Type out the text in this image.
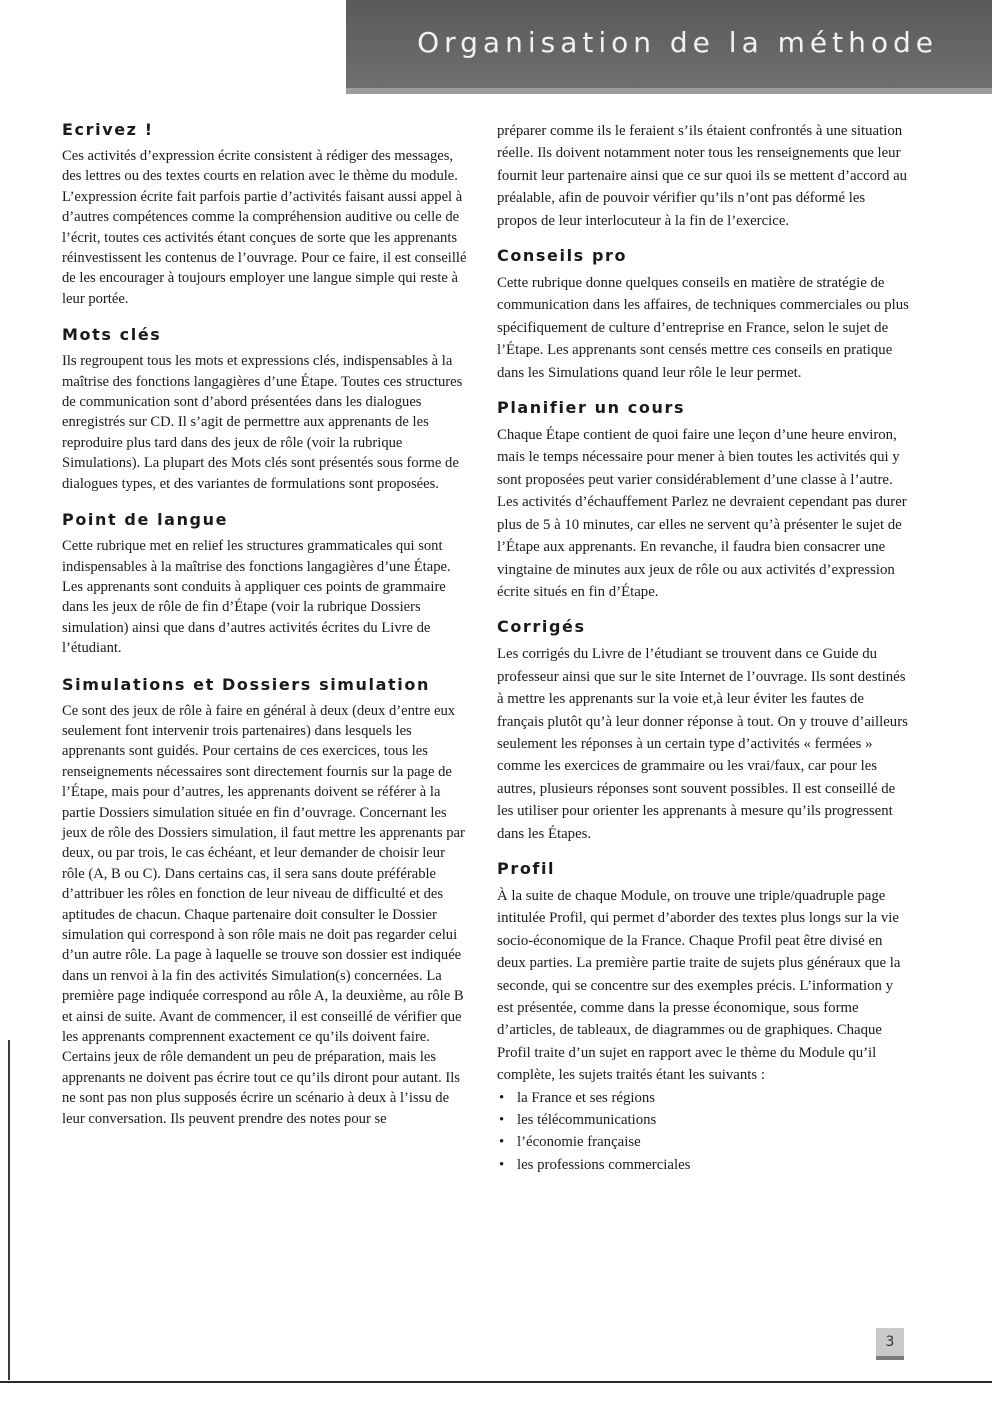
Organisation de la méthode
Ecrivez !

Ces activités d’expression écrite consistent à rédiger des messages, des lettres ou des textes courts en relation avec le thème du module. L’expression écrite fait parfois partie d’activités faisant aussi appel à d’autres compétences comme la compréhension auditive ou celle de l’écrit, toutes ces activités étant conçues de sorte que les apprenants réinvestissent les contenus de l’ouvrage. Pour ce faire, il est conseillé de les encourager à toujours employer une langue simple qui reste à leur portée.

Mots clés

Ils regroupent tous les mots et expressions clés, indispensables à la maîtrise des fonctions langagières d’une Étape. Toutes ces structures de communication sont d’abord présentées dans les dialogues enregistrés sur CD. Il s’agit de permettre aux apprenants de les reproduire plus tard dans des jeux de rôle (voir la rubrique Simulations). La plupart des Mots clés sont présentés sous forme de dialogues types, et des variantes de formulations sont proposées.

Point de langue

Cette rubrique met en relief les structures grammaticales qui sont indispensables à la maîtrise des fonctions langagières d’une Étape. Les apprenants sont conduits à appliquer ces points de grammaire dans les jeux de rôle de fin d’Étape (voir la rubrique Dossiers simulation) ainsi que dans d’autres activités écrites du Livre de l’étudiant.

Simulations et Dossiers simulation

Ce sont des jeux de rôle à faire en général à deux (deux d’entre eux seulement font intervenir trois partenaires) dans lesquels les apprenants sont guidés. Pour certains de ces exercices, tous les renseignements nécessaires sont directement fournis sur la page de l’Étape, mais pour d’autres, les apprenants doivent se référer à la partie Dossiers simulation située en fin d’ouvrage. Concernant les jeux de rôle des Dossiers simulation, il faut mettre les apprenants par deux, ou par trois, le cas échéant, et leur demander de choisir leur rôle (A, B ou C). Dans certains cas, il sera sans doute préférable d’attribuer les rôles en fonction de leur niveau de difficulté et des aptitudes de chacun. Chaque partenaire doit consulter le Dossier simulation qui correspond à son rôle mais ne doit pas regarder celui d’un autre rôle. La page à laquelle se trouve son dossier est indiquée dans un renvoi à la fin des activités Simulation(s) concernées. La première page indiquée correspond au rôle A, la deuxième, au rôle B et ainsi de suite. Avant de commencer, il est conseillé de vérifier que les apprenants comprennent exactement ce qu’ils doivent faire. Certains jeux de rôle demandent un peu de préparation, mais les apprenants ne doivent pas écrire tout ce qu’ils diront pour autant. Ils ne sont pas non plus supposés écrire un scénario à deux à l’issu de leur conversation. Ils peuvent prendre des notes pour se

préparer comme ils le feraient s’ils étaient confrontés à une situation réelle. Ils doivent notamment noter tous les renseignements que leur fournit leur partenaire ainsi que ce sur quoi ils se mettent d’accord au préalable, afin de pouvoir vérifier qu’ils n’ont pas déformé les propos de leur interlocuteur à la fin de l’exercice.

Conseils pro

Cette rubrique donne quelques conseils en matière de stratégie de communication dans les affaires, de techniques commerciales ou plus spécifiquement de culture d’entreprise en France, selon le sujet de l’Étape. Les apprenants sont censés mettre ces conseils en pratique dans les Simulations quand leur rôle le leur permet.

Planifier un cours

Chaque Étape contient de quoi faire une leçon d’une heure environ, mais le temps nécessaire pour mener à bien toutes les activités qui y sont proposées peut varier considérablement d’une classe à l’autre. Les activités d’échauffement Parlez ne devraient cependant pas durer plus de 5 à 10 minutes, car elles ne servent qu’à présenter le sujet de l’Étape aux apprenants. En revanche, il faudra bien consacrer une vingtaine de minutes aux jeux de rôle ou aux activités d’expression écrite situés en fin d’Étape.

Corrigés

Les corrigés du Livre de l’étudiant se trouvent dans ce Guide du professeur ainsi que sur le site Internet de l’ouvrage. Ils sont destinés à mettre les apprenants sur la voie et,à leur éviter les fautes de français plutôt qu’à leur donner réponse à tout. On y trouve d’ailleurs seulement les réponses à un certain type d’activités « fermées » comme les exercices de grammaire ou les vrai/faux, car pour les autres, plusieurs réponses sont souvent possibles. Il est conseillé de les utiliser pour orienter les apprenants à mesure qu’ils progressent dans les Étapes.

Profil

À la suite de chaque Module, on trouve une triple/quadruple page intitulée Profil, qui permet d’aborder des textes plus longs sur la vie socio-économique de la France. Chaque Profil peat être divisé en deux parties. La première partie traite de sujets plus généraux que la seconde, qui se concentre sur des exemples précis. L’information y est présentée, comme dans la presse économique, sous forme d’articles, de tableaux, de diagrammes ou de graphiques. Chaque Profil traite d’un sujet en rapport avec le thème du Module qu’il complète, les sujets traités étant les suivants :

• la France et ses régions
• les télécommunications
• l’économie française
• les professions commerciales
3
